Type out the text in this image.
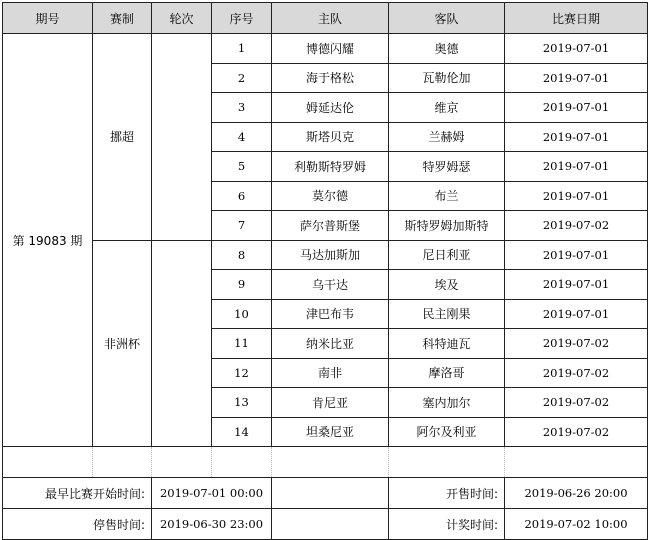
期号	赛制	轮次	序号	主队	客队	比赛日期
第 19083 期	挪超		1	博德闪耀	奥德	2019-07-01
			2	海于格松	瓦勒伦加	2019-07-01
			3	姆延达伦	维京	2019-07-01
			4	斯塔贝克	兰赫姆	2019-07-01
			5	利勒斯特罗姆	特罗姆瑟	2019-07-01
			6	莫尔德	布兰	2019-07-01
			7	萨尔普斯堡	斯特罗姆加斯特	2019-07-02
	非洲杯		8	马达加斯加	尼日利亚	2019-07-01
			9	乌干达	埃及	2019-07-01
			10	津巴布韦	民主刚果	2019-07-01
			11	纳米比亚	科特迪瓦	2019-07-02
			12	南非	摩洛哥	2019-07-02
			13	肯尼亚	塞内加尔	2019-07-02
			14	坦桑尼亚	阿尔及利亚	2019-07-02

最早比赛开始时间:		2019-07-01 00:00			开售时间:	2019-06-26 20:00
停售时间:		2019-06-30 23:00			计奖时间:	2019-07-02 10:00
